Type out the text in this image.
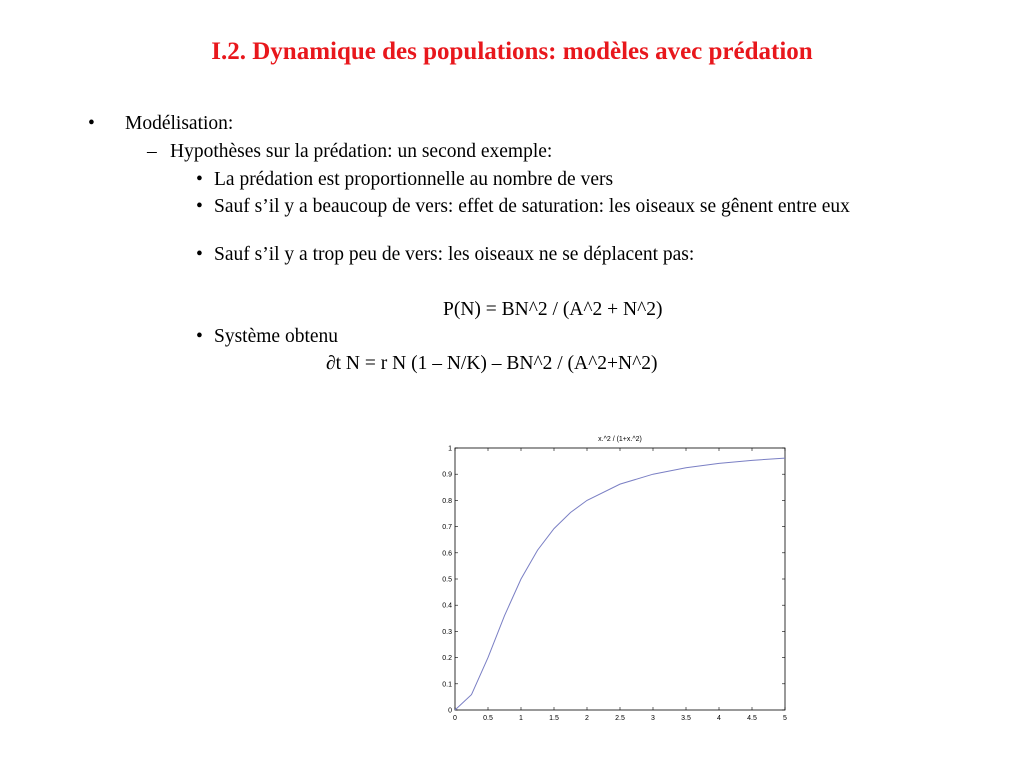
I.2. Dynamique des populations: modèles avec prédation
• Modélisation:
– Hypothèses sur la prédation: un second exemple:
• La prédation est proportionnelle au nombre de vers
• Sauf s’il y a beaucoup de vers: effet de saturation: les oiseaux se gênent entre eux
• Sauf s’il y a trop peu de vers: les oiseaux ne se déplacent pas:
P(N) = BN^2 / (A^2 + N^2)
• Système obtenu
∂t N = r N (1 – N/K) – BN^2 / (A^2+N^2)
x.^2 / (1+x.^2)
0	0.5	1	1.5	2	2.5	3	3.5	4	4.5	5
0
0.1
0.2
0.3
0.4
0.5
0.6
0.7
0.8
0.9
1
